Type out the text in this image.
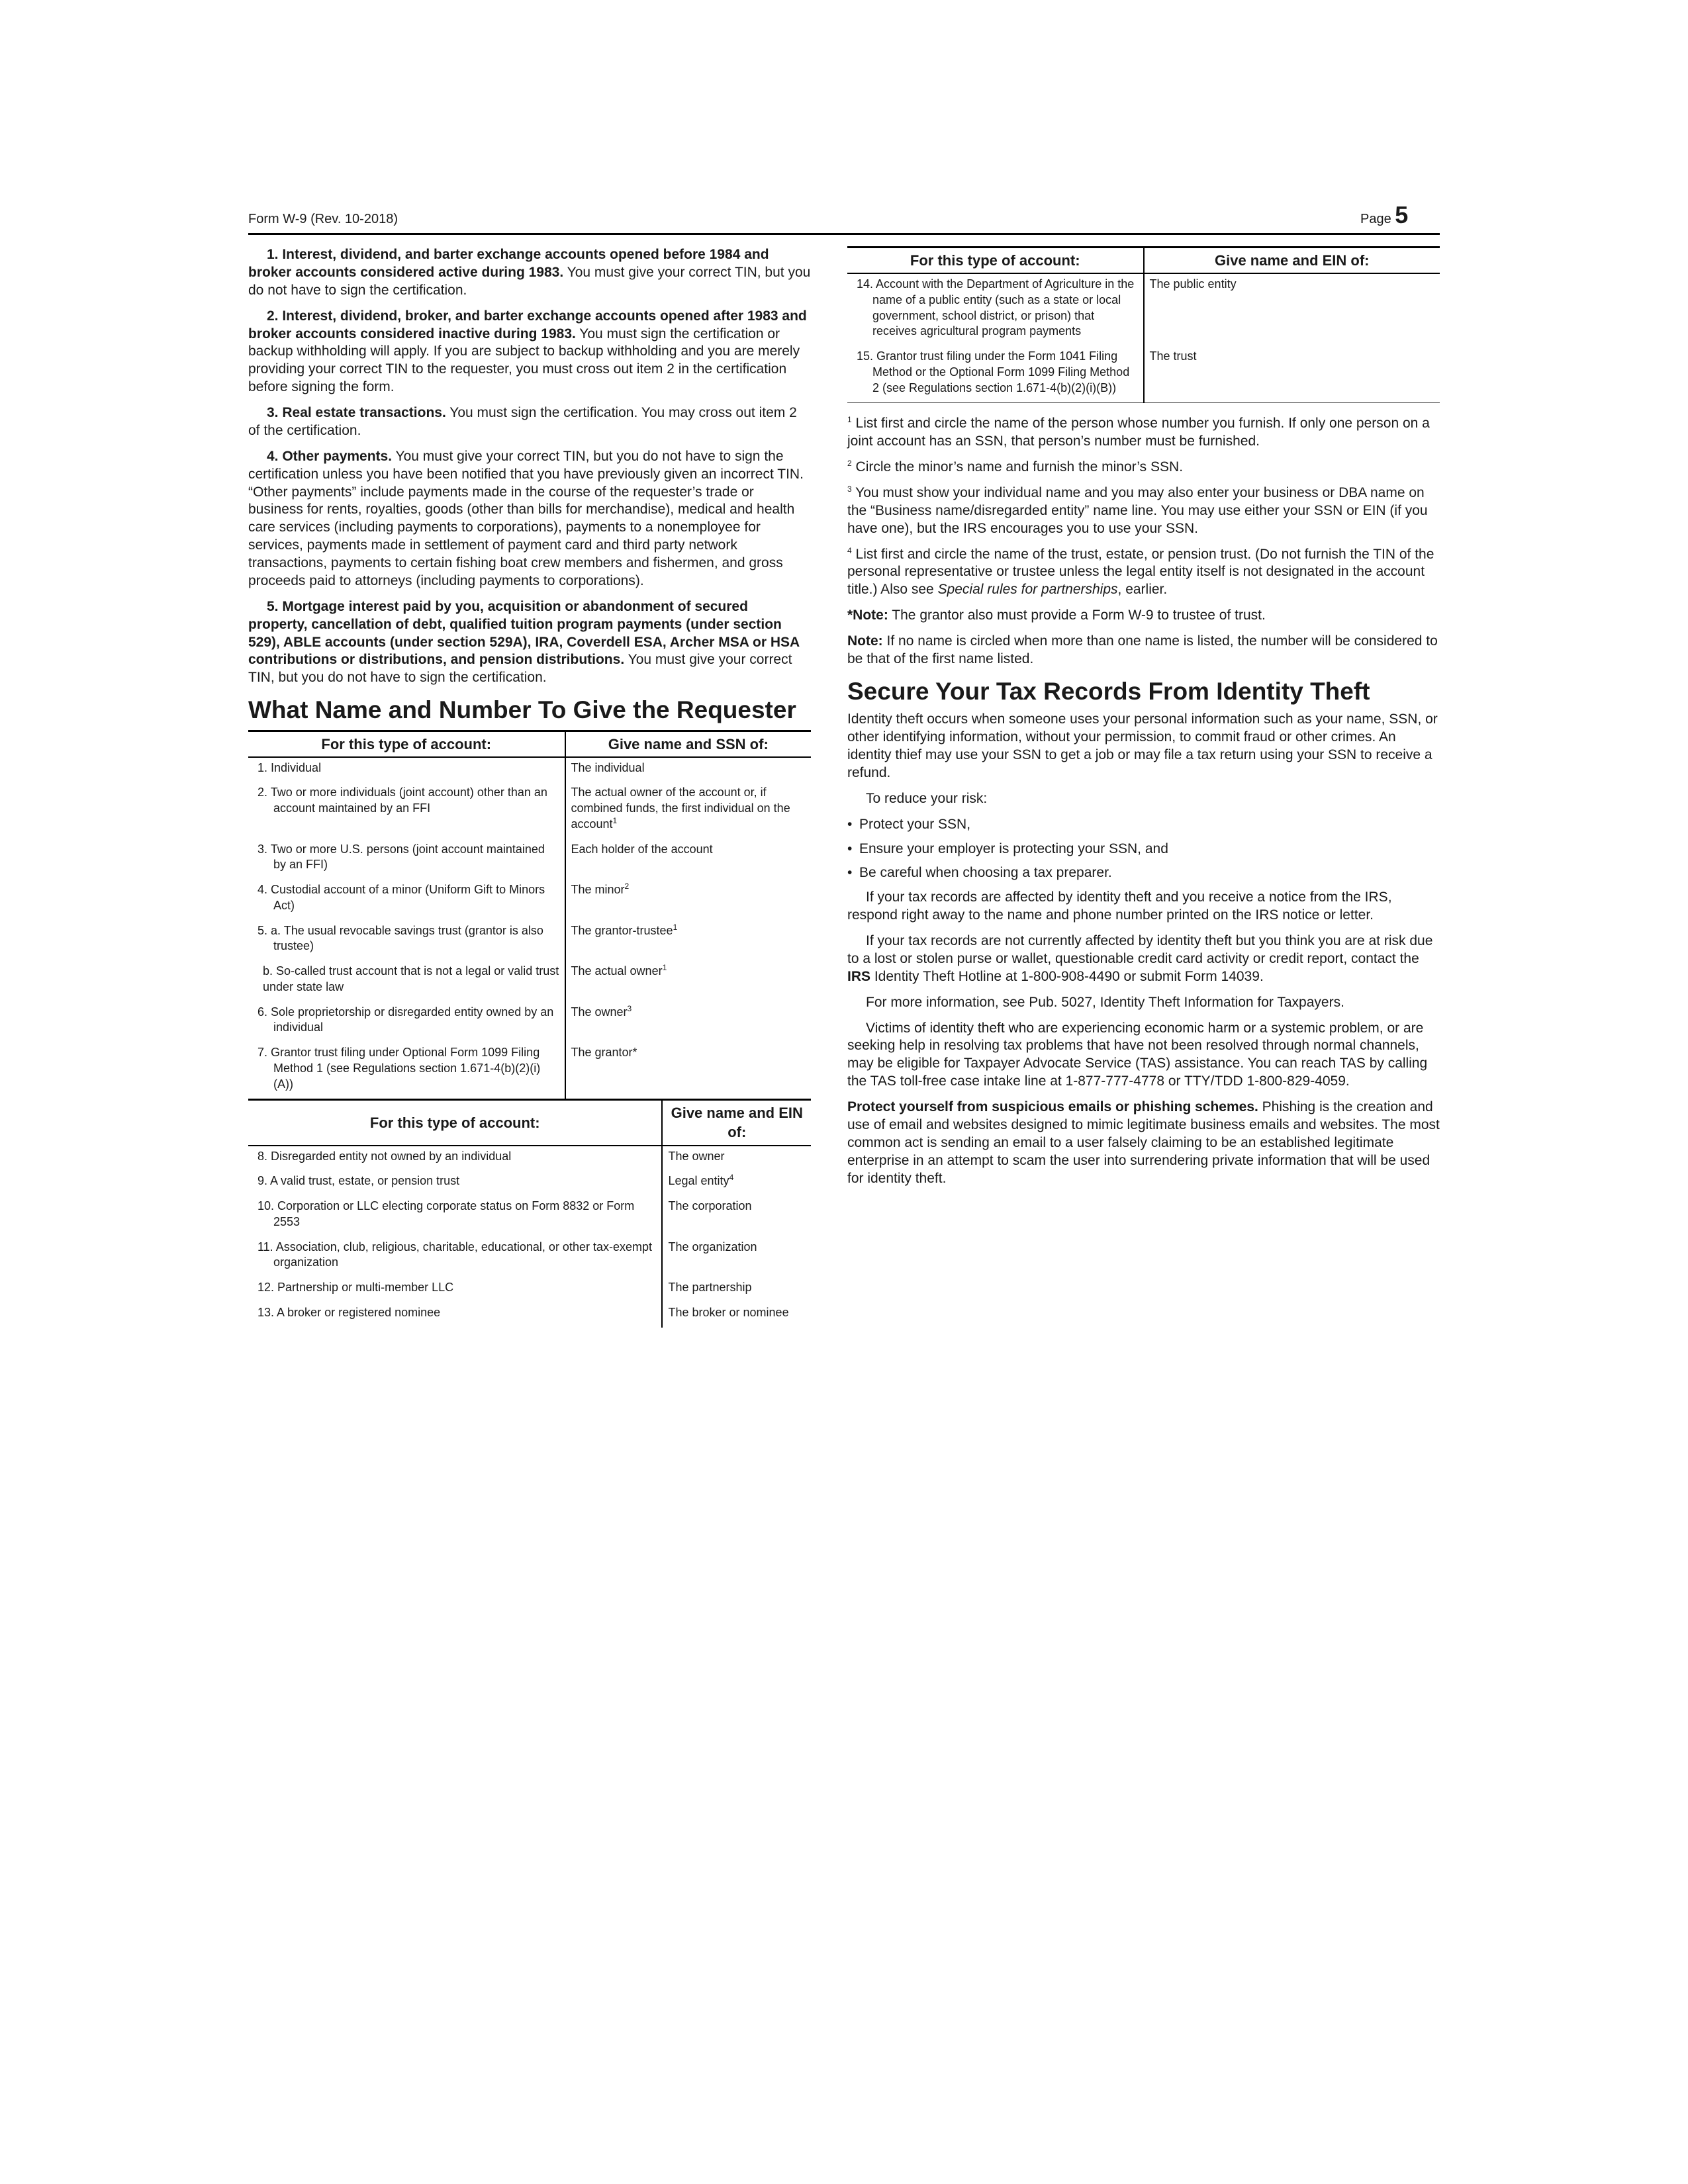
Form W-9 (Rev. 10-2018)	Page 5

1. Interest, dividend, and barter exchange accounts opened before 1984 and broker accounts considered active during 1983. You must give your correct TIN, but you do not have to sign the certification.

2. Interest, dividend, broker, and barter exchange accounts opened after 1983 and broker accounts considered inactive during 1983. You must sign the certification or backup withholding will apply. If you are subject to backup withholding and you are merely providing your correct TIN to the requester, you must cross out item 2 in the certification before signing the form.

3. Real estate transactions. You must sign the certification. You may cross out item 2 of the certification.

4. Other payments. You must give your correct TIN, but you do not have to sign the certification unless you have been notified that you have previously given an incorrect TIN. “Other payments” include payments made in the course of the requester’s trade or business for rents, royalties, goods (other than bills for merchandise), medical and health care services (including payments to corporations), payments to a nonemployee for services, payments made in settlement of payment card and third party network transactions, payments to certain fishing boat crew members and fishermen, and gross proceeds paid to attorneys (including payments to corporations).

5. Mortgage interest paid by you, acquisition or abandonment of secured property, cancellation of debt, qualified tuition program payments (under section 529), ABLE accounts (under section 529A), IRA, Coverdell ESA, Archer MSA or HSA contributions or distributions, and pension distributions. You must give your correct TIN, but you do not have to sign the certification.

What Name and Number To Give the Requester
For this type of account:	Give name and SSN of:
1. Individual	The individual
2. Two or more individuals (joint account) other than an account maintained by an FFI	The actual owner of the account or, if combined funds, the first individual on the account$^1$
3. Two or more U.S. persons (joint account maintained by an FFI)	Each holder of the account
4. Custodial account of a minor (Uniform Gift to Minors Act)	The minor$^2$
5. a. The usual revocable savings trust (grantor is also trustee)	The grantor-trustee$^1$
b. So-called trust account that is not a legal or valid trust under state law	The actual owner$^1$
6. Sole proprietorship or disregarded entity owned by an individual	The owner$^3$
7. Grantor trust filing under Optional Form 1099 Filing Method 1 (see Regulations section 1.671-4(b)(2)(i)(A))	The grantor*
For this type of account:	Give name and EIN of:
8. Disregarded entity not owned by an individual	The owner
9. A valid trust, estate, or pension trust	Legal entity$^4$
10. Corporation or LLC electing corporate status on Form 8832 or Form 2553	The corporation
11. Association, club, religious, charitable, educational, or other tax-exempt organization	The organization
12. Partnership or multi-member LLC	The partnership
13. A broker or registered nominee	The broker or nominee
For this type of account:	Give name and EIN of:
14. Account with the Department of Agriculture in the name of a public entity (such as a state or local government, school district, or prison) that receives agricultural program payments	The public entity
15. Grantor trust filing under the Form 1041 Filing Method or the Optional Form 1099 Filing Method 2 (see Regulations section 1.671-4(b)(2)(i)(B))	The trust

$^1$ List first and circle the name of the person whose number you furnish. If only one person on a joint account has an SSN, that person’s number must be furnished.

$^2$ Circle the minor’s name and furnish the minor’s SSN.

$^3$ You must show your individual name and you may also enter your business or DBA name on the “Business name/disregarded entity” name line. You may use either your SSN or EIN (if you have one), but the IRS encourages you to use your SSN.

$^4$ List first and circle the name of the trust, estate, or pension trust. (Do not furnish the TIN of the personal representative or trustee unless the legal entity itself is not designated in the account title.) Also see Special rules for partnerships, earlier.

*Note: The grantor also must provide a Form W-9 to trustee of trust.

Note: If no name is circled when more than one name is listed, the number will be considered to be that of the first name listed.

Secure Your Tax Records From Identity Theft

Identity theft occurs when someone uses your personal information such as your name, SSN, or other identifying information, without your permission, to commit fraud or other crimes. An identity thief may use your SSN to get a job or may file a tax return using your SSN to receive a refund.

To reduce your risk:

• Protect your SSN,

• Ensure your employer is protecting your SSN, and

• Be careful when choosing a tax preparer.

If your tax records are affected by identity theft and you receive a notice from the IRS, respond right away to the name and phone number printed on the IRS notice or letter.

If your tax records are not currently affected by identity theft but you think you are at risk due to a lost or stolen purse or wallet, questionable credit card activity or credit report, contact the IRS Identity Theft Hotline at 1-800-908-4490 or submit Form 14039.

For more information, see Pub. 5027, Identity Theft Information for Taxpayers.

Victims of identity theft who are experiencing economic harm or a systemic problem, or are seeking help in resolving tax problems that have not been resolved through normal channels, may be eligible for Taxpayer Advocate Service (TAS) assistance. You can reach TAS by calling the TAS toll-free case intake line at 1-877-777-4778 or TTY/TDD 1-800-829-4059.

Protect yourself from suspicious emails or phishing schemes. Phishing is the creation and use of email and websites designed to mimic legitimate business emails and websites. The most common act is sending an email to a user falsely claiming to be an established legitimate enterprise in an attempt to scam the user into surrendering private information that will be used for identity theft.
